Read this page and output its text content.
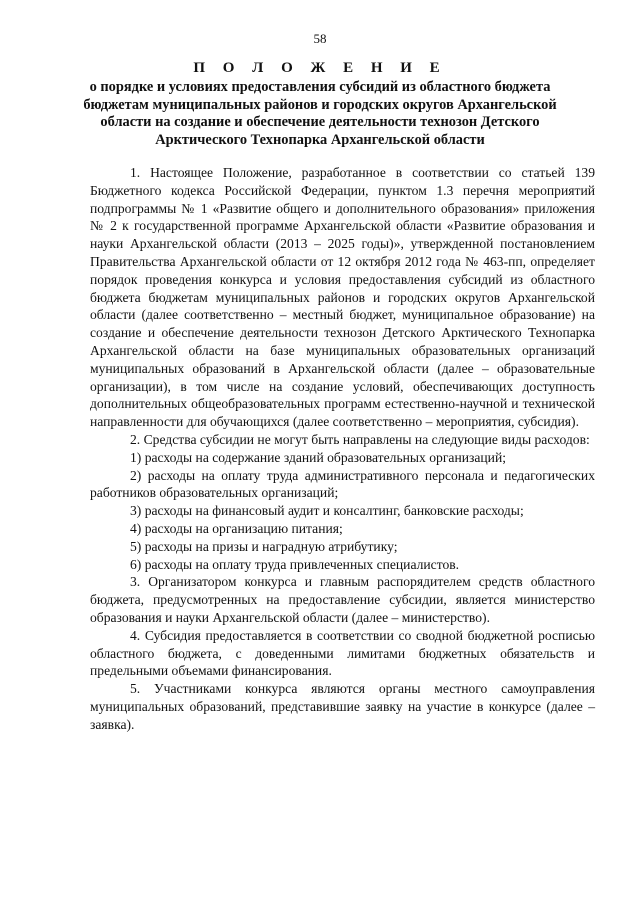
58
П О Л О Ж Е Н И Е
о порядке и условиях предоставления субсидий из областного бюджета
бюджетам муниципальных районов и городских округов Архангельской
области на создание и обеспечение деятельности технозон Детского
Арктического Технопарка Архангельской области

1. Настоящее Положение, разработанное в соответствии со статьей 139 Бюджетного кодекса Российской Федерации, пунктом 1.3 перечня мероприятий подпрограммы № 1 «Развитие общего и дополнительного образования» приложения № 2 к государственной программе Архангельской области «Развитие образования и науки Архангельской области (2013 – 2025 годы)», утвержденной постановлением Правительства Архангельской области от 12 октября 2012 года № 463-пп, определяет порядок проведения конкурса и условия предоставления субсидий из областного бюджета бюджетам муниципальных районов и городских округов Архангельской области (далее соответственно – местный бюджет, муниципальное образование) на создание и обеспечение деятельности технозон Детского Арктического Технопарка Архангельской области на базе муниципальных образовательных организаций муниципальных образований в Архангельской области (далее – образовательные организации), в том числе на создание условий, обеспечивающих доступность дополнительных общеобразовательных программ естественно-научной и технической направленности для обучающихся (далее соответственно – мероприятия, субсидия).

2. Средства субсидии не могут быть направлены на следующие виды расходов:

1) расходы на содержание зданий образовательных организаций;

2) расходы на оплату труда административного персонала и педагогических работников образовательных организаций;

3) расходы на финансовый аудит и консалтинг, банковские расходы;

4) расходы на организацию питания;

5) расходы на призы и наградную атрибутику;

6) расходы на оплату труда привлеченных специалистов.

3. Организатором конкурса и главным распорядителем средств областного бюджета, предусмотренных на предоставление субсидии, является министерство образования и науки Архангельской области (далее – министерство).

4. Субсидия предоставляется в соответствии со сводной бюджетной росписью областного бюджета, с доведенными лимитами бюджетных обязательств и предельными объемами финансирования.

5. Участниками конкурса являются органы местного самоуправления муниципальных образований, представившие заявку на участие в конкурсе (далее – заявка).
